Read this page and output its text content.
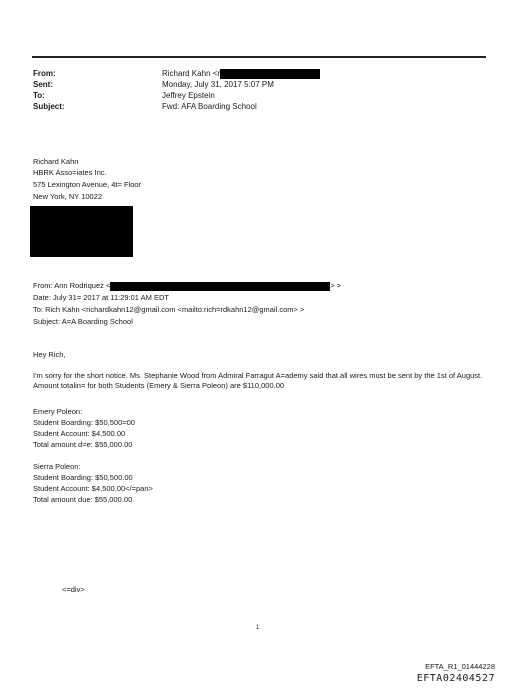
From:	Richard Kahn <r
Sent:	Monday, July 31, 2017 5:07 PM
To:	Jeffrey Epstein
Subject:	Fwd: AFA Boarding School
Richard Kahn
HBRK Asso=iates Inc.
575 Lexington Avenue, 4t= Floor
New York, NY 10022
From: Ann Rodriquez <	> >
Date: July 31= 2017 at 11:29:01 AM EDT
To: Rich Kahn <richardkahn12@gmail.com <mailto:rich=rdkahn12@gmail.com> >
Subject: A=A Boarding School
Hey Rich,
I'm sorry for the short notice. Ms. Stephanie Wood from Admiral Farragut A=ademy said that all wires must be sent by the 1st of August. Amount totalin= for both Students (Emery & Sierra Poleon) are $110,000.00
Emery Poleon:
Student Boarding: $50,500=00
Student Account: $4,500.00
Total amount d=e: $55,000.00
Sierra Poleon:
Student Boarding: $50,500.00
Student Account: $4,500.00</=pan>
Total amount due: $55,000.00
<=div>
1
EFTA_R1_01444228
EFTA02404527
